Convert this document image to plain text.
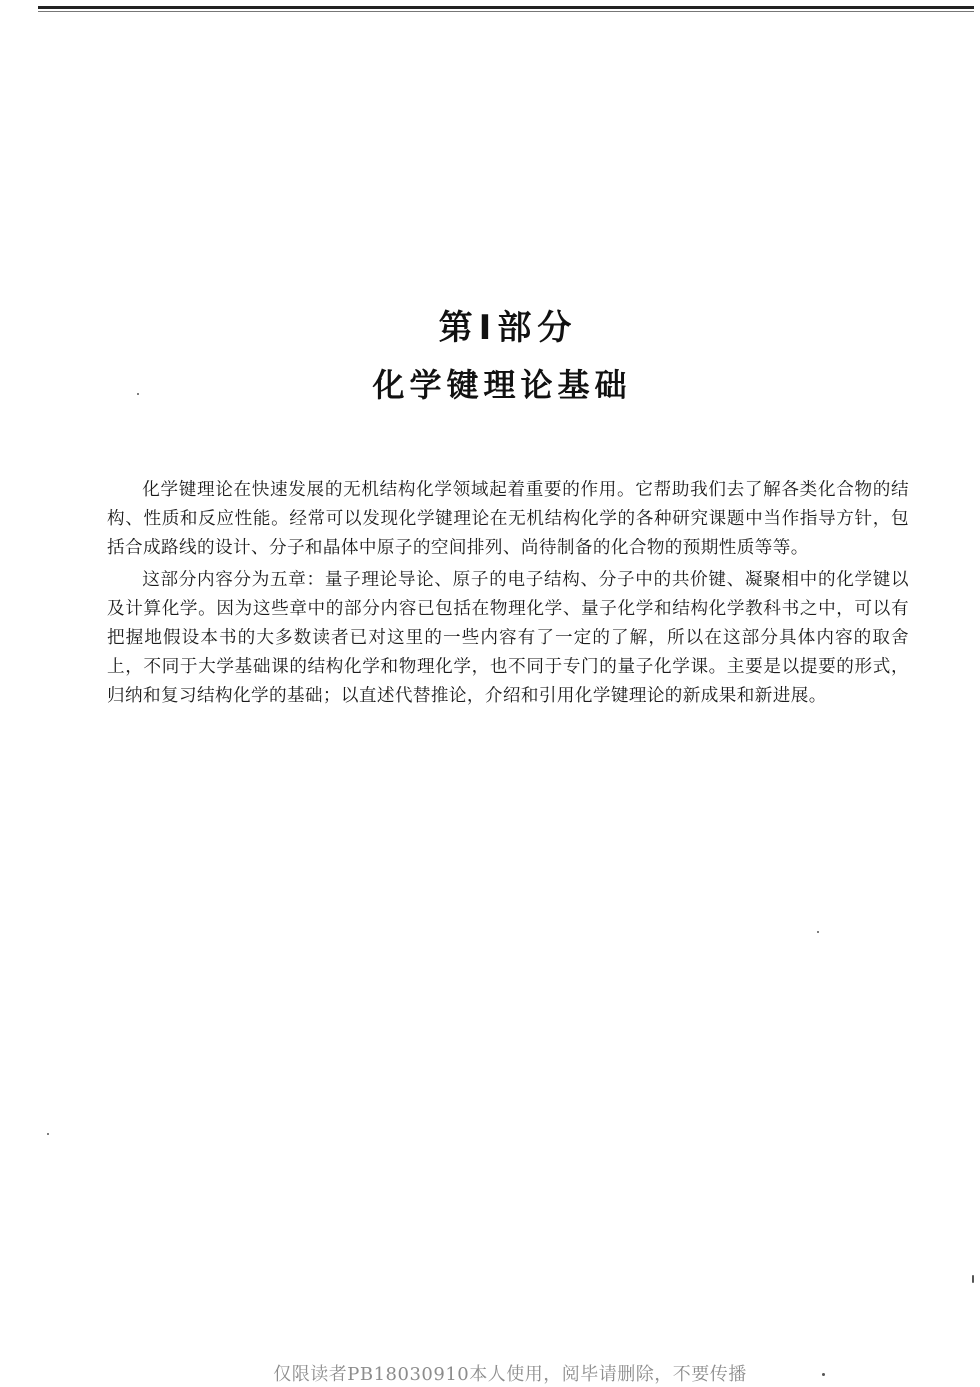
第Ⅰ部分
化学键理论基础

化学键理论在快速发展的无机结构化学领域起着重要的作用。它帮助我们去了解各类化合物的结构、性质和反应性能。经常可以发现化学键理论在无机结构化学的各种研究课题中当作指导方针，包括合成路线的设计、分子和晶体中原子的空间排列、尚待制备的化合物的预期性质等等。

这部分内容分为五章：量子理论导论、原子的电子结构、分子中的共价键、凝聚相中的化学键以及计算化学。因为这些章中的部分内容已包括在物理化学、量子化学和结构化学教科书之中，可以有把握地假设本书的大多数读者已对这里的一些内容有了一定的了解，所以在这部分具体内容的取舍上，不同于大学基础课的结构化学和物理化学，也不同于专门的量子化学课。主要是以提要的形式，归纳和复习结构化学的基础；以直述代替推论，介绍和引用化学键理论的新成果和新进展。

仅限读者PB18030910本人使用，阅毕请删除，不要传播
